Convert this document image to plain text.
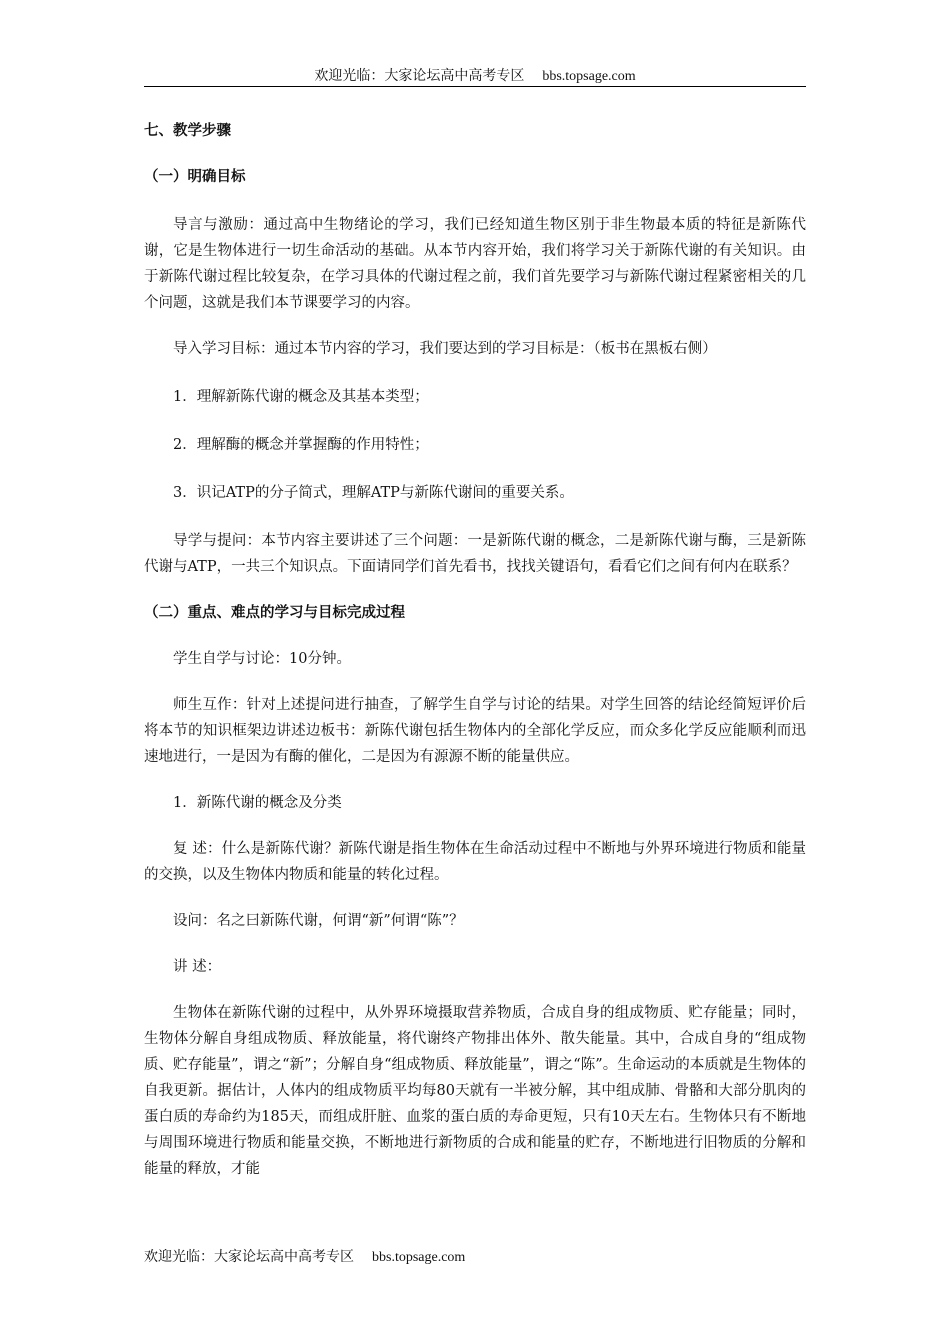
欢迎光临：大家论坛高中高考专区 bbs.topsage.com

七、教学步骤

（一）明确目标

导言与激励：通过高中生物绪论的学习，我们已经知道生物区别于非生物最本质的特征是新陈代谢，它是生物体进行一切生命活动的基础。从本节内容开始，我们将学习关于新陈代谢的有关知识。由于新陈代谢过程比较复杂，在学习具体的代谢过程之前，我们首先要学习与新陈代谢过程紧密相关的几个问题，这就是我们本节课要学习的内容。

导入学习目标：通过本节内容的学习，我们要达到的学习目标是：（板书在黑板右侧）

1．理解新陈代谢的概念及其基本类型；

2．理解酶的概念并掌握酶的作用特性；

3．识记ATP的分子简式，理解ATP与新陈代谢间的重要关系。

导学与提问：本节内容主要讲述了三个问题：一是新陈代谢的概念，二是新陈代谢与酶，三是新陈代谢与ATP，一共三个知识点。下面请同学们首先看书，找找关键语句，看看它们之间有何内在联系？

（二）重点、难点的学习与目标完成过程

学生自学与讨论：10分钟。

师生互作：针对上述提问进行抽查，了解学生自学与讨论的结果。对学生回答的结论经简短评价后将本节的知识框架边讲述边板书：新陈代谢包括生物体内的全部化学反应，而众多化学反应能顺利而迅速地进行，一是因为有酶的催化，二是因为有源源不断的能量供应。

1．新陈代谢的概念及分类

复 述：什么是新陈代谢？新陈代谢是指生物体在生命活动过程中不断地与外界环境进行物质和能量的交换，以及生物体内物质和能量的转化过程。

设问：名之曰新陈代谢，何谓“新”何谓“陈”？

讲 述：

生物体在新陈代谢的过程中，从外界环境摄取营养物质，合成自身的组成物质、贮存能量；同时，生物体分解自身组成物质、释放能量，将代谢终产物排出体外、散失能量。其中，合成自身的“组成物质、贮存能量”，谓之“新”；分解自身“组成物质、释放能量”，谓之“陈”。生命运动的本质就是生物体的自我更新。据估计，人体内的组成物质平均每80天就有一半被分解，其中组成肺、骨骼和大部分肌肉的蛋白质的寿命约为185天，而组成肝脏、血浆的蛋白质的寿命更短，只有10天左右。生物体只有不断地与周围环境进行物质和能量交换，不断地进行新物质的合成和能量的贮存，不断地进行旧物质的分解和能量的释放，才能

欢迎光临：大家论坛高中高考专区 bbs.topsage.com
